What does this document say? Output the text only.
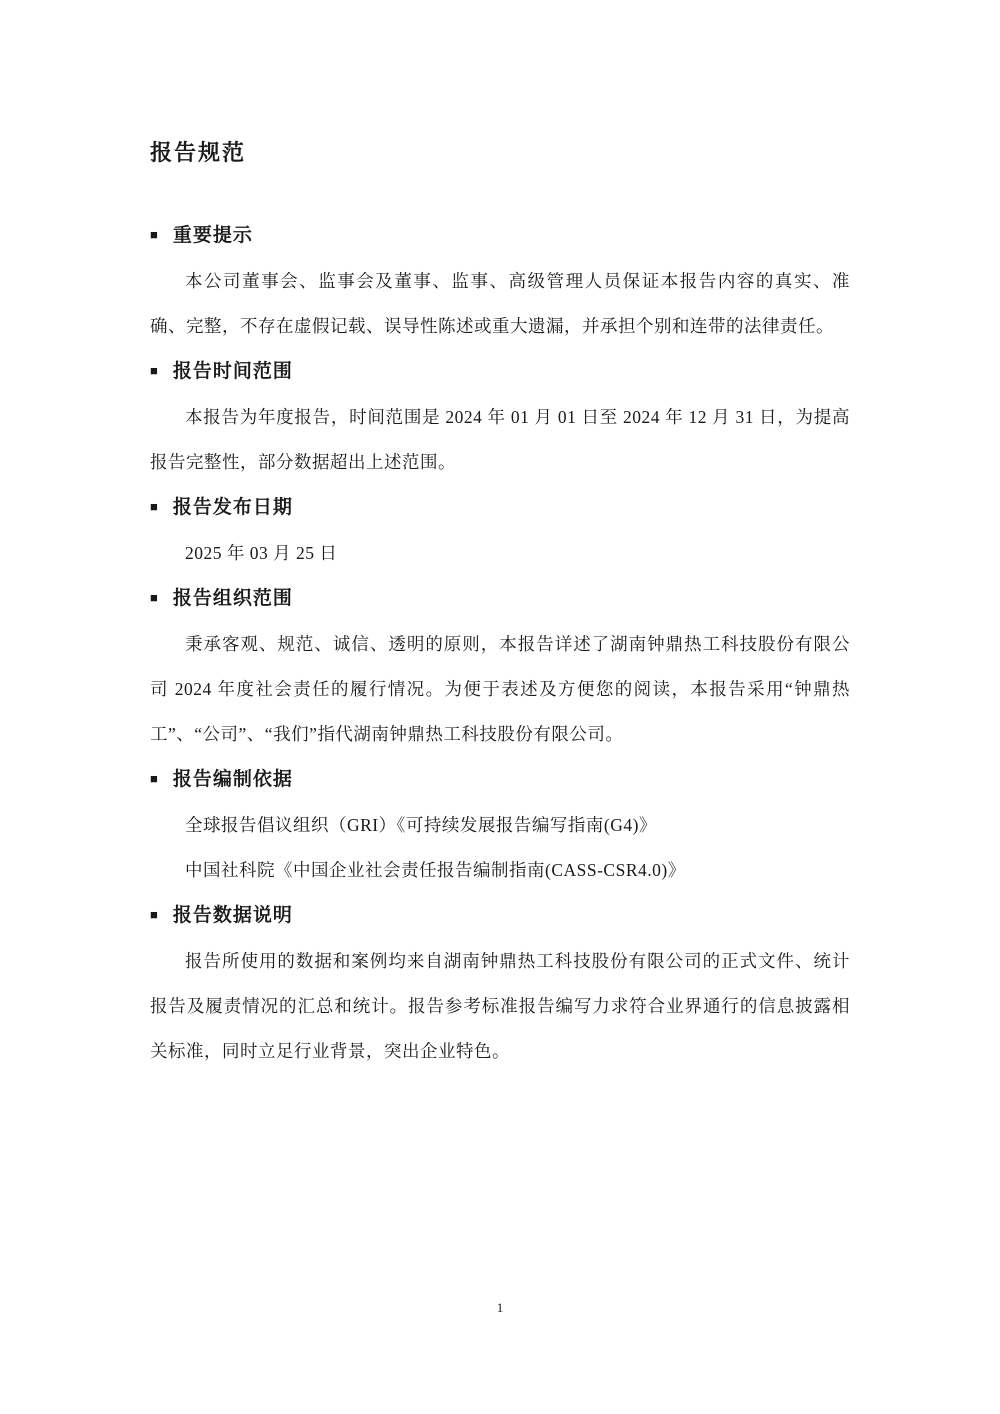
报告规范
■ 重要提示

本公司董事会、监事会及董事、监事、高级管理人员保证本报告内容的真实、准确、完整，不存在虚假记载、误导性陈述或重大遗漏，并承担个别和连带的法律责任。

■ 报告时间范围

本报告为年度报告，时间范围是 2024 年 01 月 01 日至 2024 年 12 月 31 日，为提高报告完整性，部分数据超出上述范围。

■ 报告发布日期

2025 年 03 月 25 日

■ 报告组织范围

秉承客观、规范、诚信、透明的原则，本报告详述了湖南钟鼎热工科技股份有限公司 2024 年度社会责任的履行情况。为便于表述及方便您的阅读，本报告采用“钟鼎热工”、“公司”、“我们”指代湖南钟鼎热工科技股份有限公司。

■ 报告编制依据

全球报告倡议组织（GRI）《可持续发展报告编写指南(G4)》

中国社科院《中国企业社会责任报告编制指南(CASS-CSR4.0)》

■ 报告数据说明

报告所使用的数据和案例均来自湖南钟鼎热工科技股份有限公司的正式文件、统计报告及履责情况的汇总和统计。报告参考标准报告编写力求符合业界通行的信息披露相关标准，同时立足行业背景，突出企业特色。

1
